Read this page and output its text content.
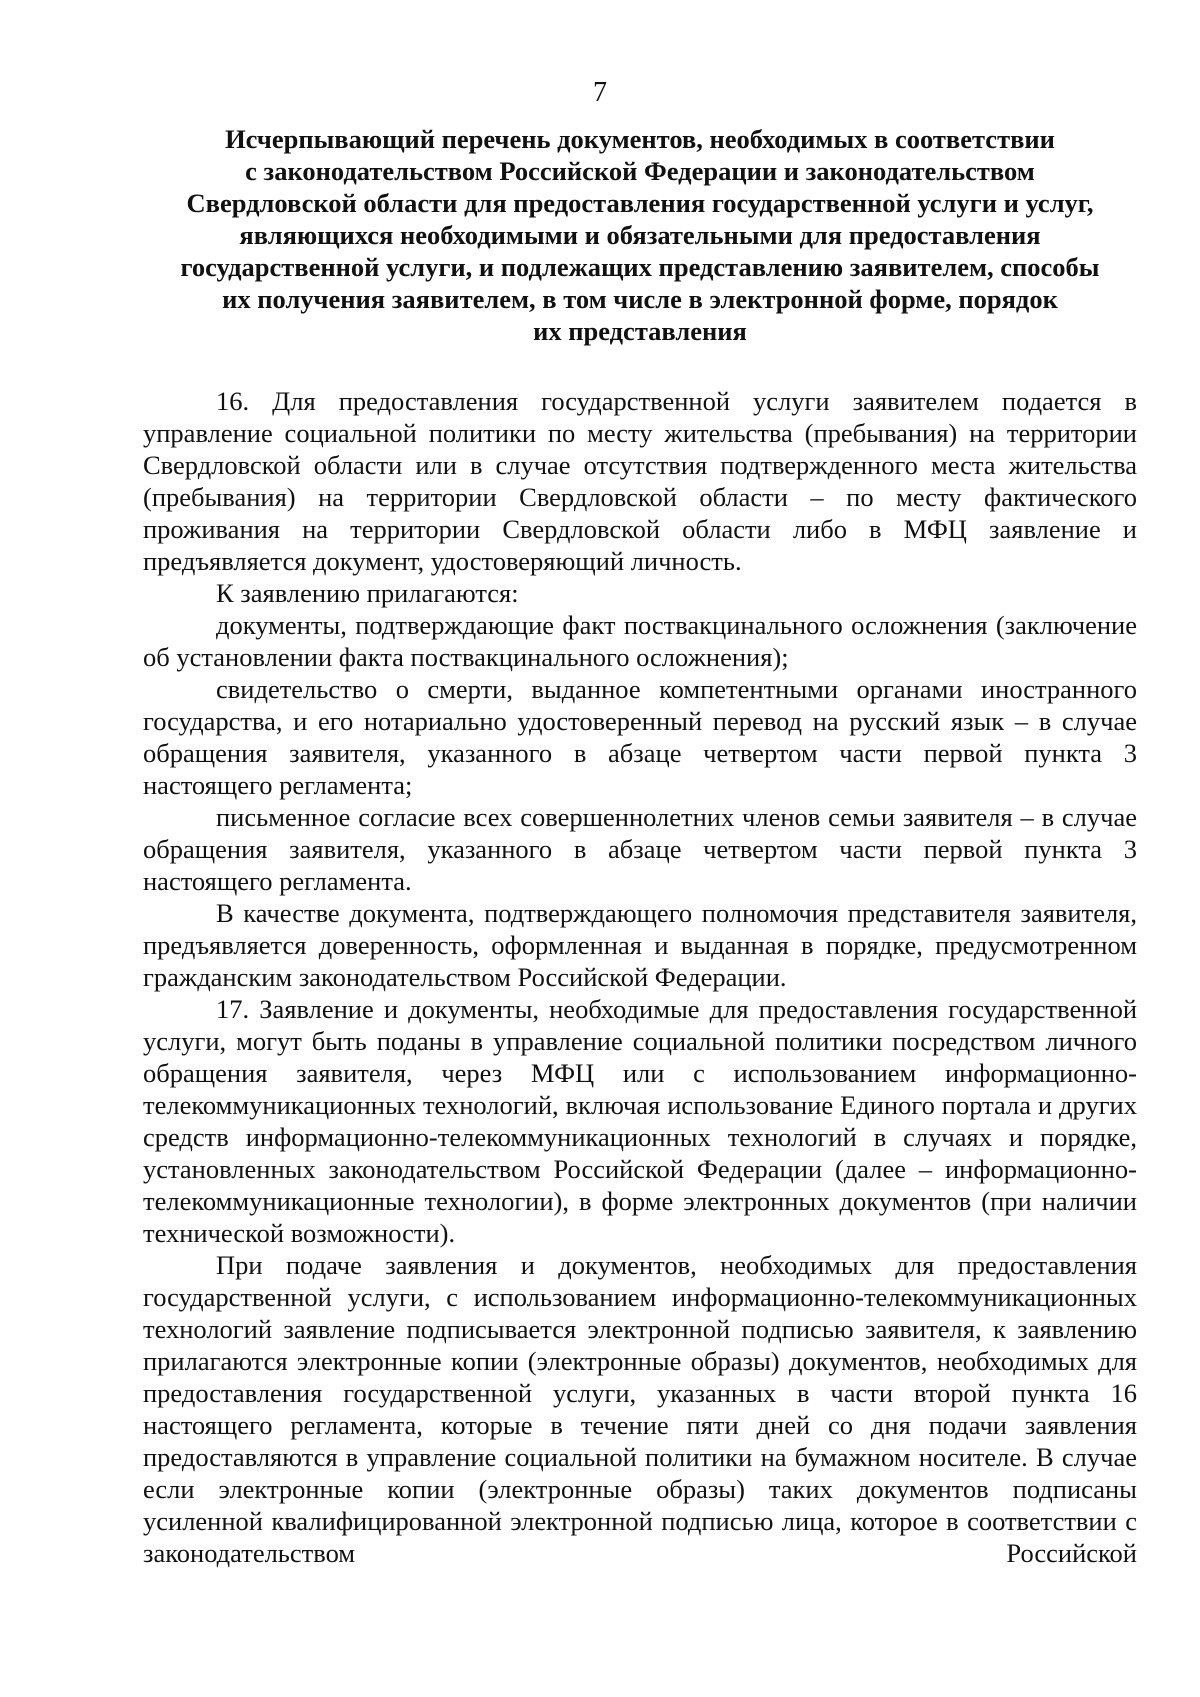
7
Исчерпывающий перечень документов, необходимых в соответствии
с законодательством Российской Федерации и законодательством
Свердловской области для предоставления государственной услуги и услуг,
являющихся необходимыми и обязательными для предоставления
государственной услуги, и подлежащих представлению заявителем, способы
их получения заявителем, в том числе в электронной форме, порядок
их представления

16. Для предоставления государственной услуги заявителем подается в управление социальной политики по месту жительства (пребывания) на территории Свердловской области или в случае отсутствия подтвержденного места жительства (пребывания) на территории Свердловской области – по месту фактического проживания на территории Свердловской области либо в МФЦ заявление и предъявляется документ, удостоверяющий личность.

К заявлению прилагаются:

документы, подтверждающие факт поствакцинального осложнения (заключение об установлении факта поствакцинального осложнения);

свидетельство о смерти, выданное компетентными органами иностранного государства, и его нотариально удостоверенный перевод на русский язык – в случае обращения заявителя, указанного в абзаце четвертом части первой пункта 3 настоящего регламента;

письменное согласие всех совершеннолетних членов семьи заявителя – в случае обращения заявителя, указанного в абзаце четвертом части первой пункта 3 настоящего регламента.

В качестве документа, подтверждающего полномочия представителя заявителя, предъявляется доверенность, оформленная и выданная в порядке, предусмотренном гражданским законодательством Российской Федерации.

17. Заявление и документы, необходимые для предоставления государственной услуги, могут быть поданы в управление социальной политики посредством личного обращения заявителя, через МФЦ или с использованием информационно-телекоммуникационных технологий, включая использование Единого портала и других средств информационно-телекоммуникационных технологий в случаях и порядке, установленных законодательством Российской Федерации (далее – информационно-телекоммуникационные технологии), в форме электронных документов (при наличии технической возможности).

При подаче заявления и документов, необходимых для предоставления государственной услуги, с использованием информационно-телекоммуникационных технологий заявление подписывается электронной подписью заявителя, к заявлению прилагаются электронные копии (электронные образы) документов, необходимых для предоставления государственной услуги, указанных в части второй пункта 16 настоящего регламента, которые в течение пяти дней со дня подачи заявления предоставляются в управление социальной политики на бумажном носителе. В случае если электронные копии (электронные образы) таких документов подписаны усиленной квалифицированной электронной подписью лица, которое в соответствии с законодательством Российской
